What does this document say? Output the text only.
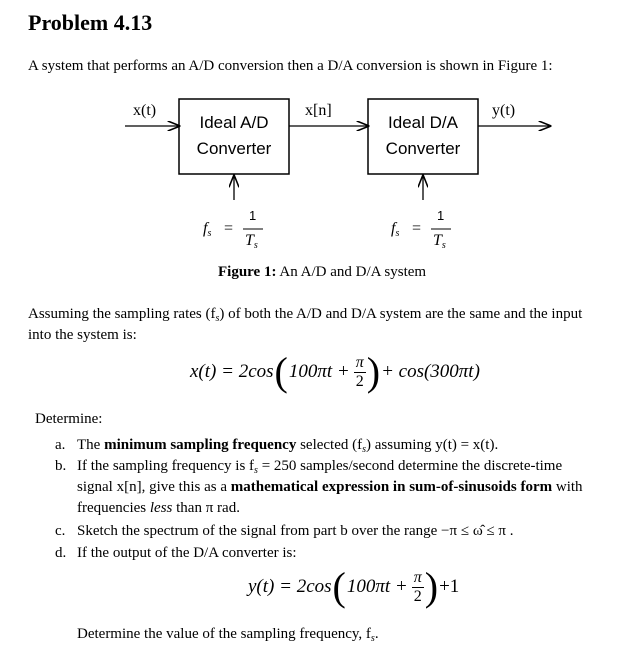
Problem 4.13
A system that performs an A/D conversion then a D/A conversion is shown in Figure 1:
x(t)	x[n]	y(t)
Ideal A/D
Converter
Ideal D/A
Converter
$f_s$ =
1
$T_s$
$f_s$ =
1
$T_s$
Figure 1: An A/D and D/A system
Assuming the sampling rates $(f_s)$ of both the A/D and D/A system are the same and the input
into the system is:
x(t) = 2cos ( $100\pi t + \frac{\pi}{2}$ ) + cos(300πt)
Determine:
a. The minimum sampling frequency selected $(f_s)$ assuming y(t) = x(t).
b. If the sampling frequency is $f_s = 250$ samples/second determine the discrete-time
signal x[n], give this as a mathematical expression in sum-of-sinusoids form with
frequencies less than π rad.
c. Sketch the spectrum of the signal from part b over the range −π ≤ ω̂ ≤ π .
d. If the output of the D/A converter is:
y(t) = 2cos ( $100\pi t + \frac{\pi}{2}$ ) +1
Determine the value of the sampling frequency, $f_s$.
